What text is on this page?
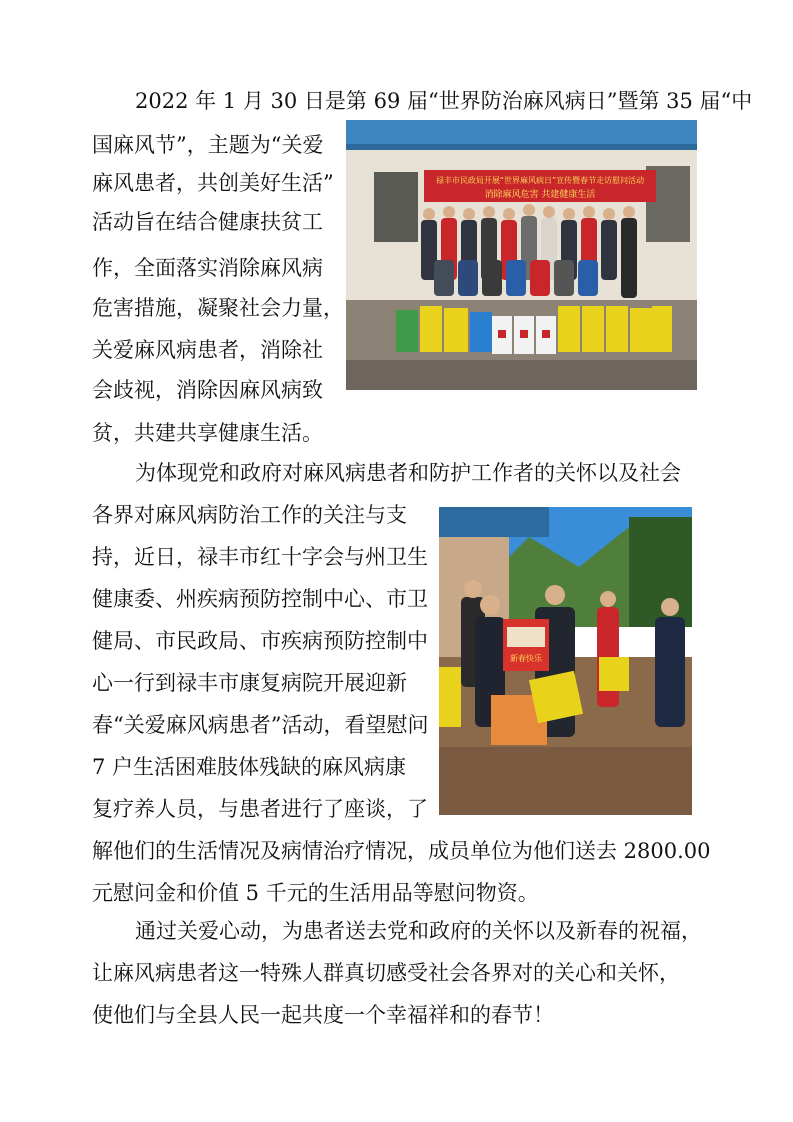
2022 年 1 月 30 日是第 69 届“世界防治麻风病日”暨第 35 届“中
国麻风节”，主题为“关爱
麻风患者，共创美好生活”
活动旨在结合健康扶贫工
作，全面落实消除麻风病
危害措施，凝聚社会力量，
关爱麻风病患者，消除社
会歧视，消除因麻风病致
贫，共建共享健康生活。
禄丰市民政局开展“世界麻风病日”宣传暨春节走访慰问活动
消除麻风危害 共建健康生活
为体现党和政府对麻风病患者和防护工作者的关怀以及社会
各界对麻风病防治工作的关注与支
持，近日，禄丰市红十字会与州卫生
健康委、州疾病预防控制中心、市卫
健局、市民政局、市疾病预防控制中
心一行到禄丰市康复病院开展迎新
春“关爱麻风病患者”活动，看望慰问
7 户生活困难肢体残缺的麻风病康
复疗养人员，与患者进行了座谈，了
解他们的生活情况及病情治疗情况，成员单位为他们送去 2800.00
元慰问金和价值 5 千元的生活用品等慰问物资。
新春快乐
通过关爱心动，为患者送去党和政府的关怀以及新春的祝福，
让麻风病患者这一特殊人群真切感受社会各界对的关心和关怀，
使他们与全县人民一起共度一个幸福祥和的春节！
